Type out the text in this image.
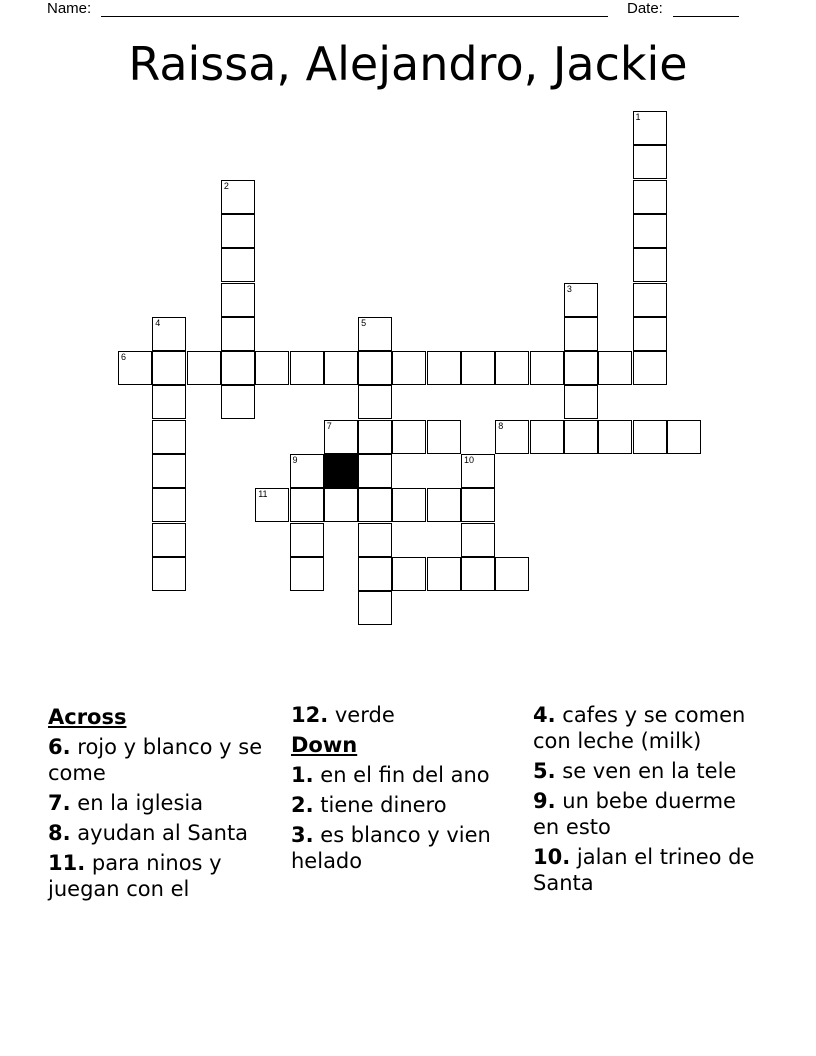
Name:	Date:
Raissa, Alejandro, Jackie
1
2
3
4	5
6
7	8
9	10
11
Across
6. rojo y blanco y se come
7. en la iglesia
8. ayudan al Santa
11. para ninos y juegan con el
12. verde
Down
1. en el fin del ano
2. tiene dinero
3. es blanco y vien helado
4. cafes y se comen con leche (milk)
5. se ven en la tele
9. un bebe duerme en esto
10. jalan el trineo de Santa
